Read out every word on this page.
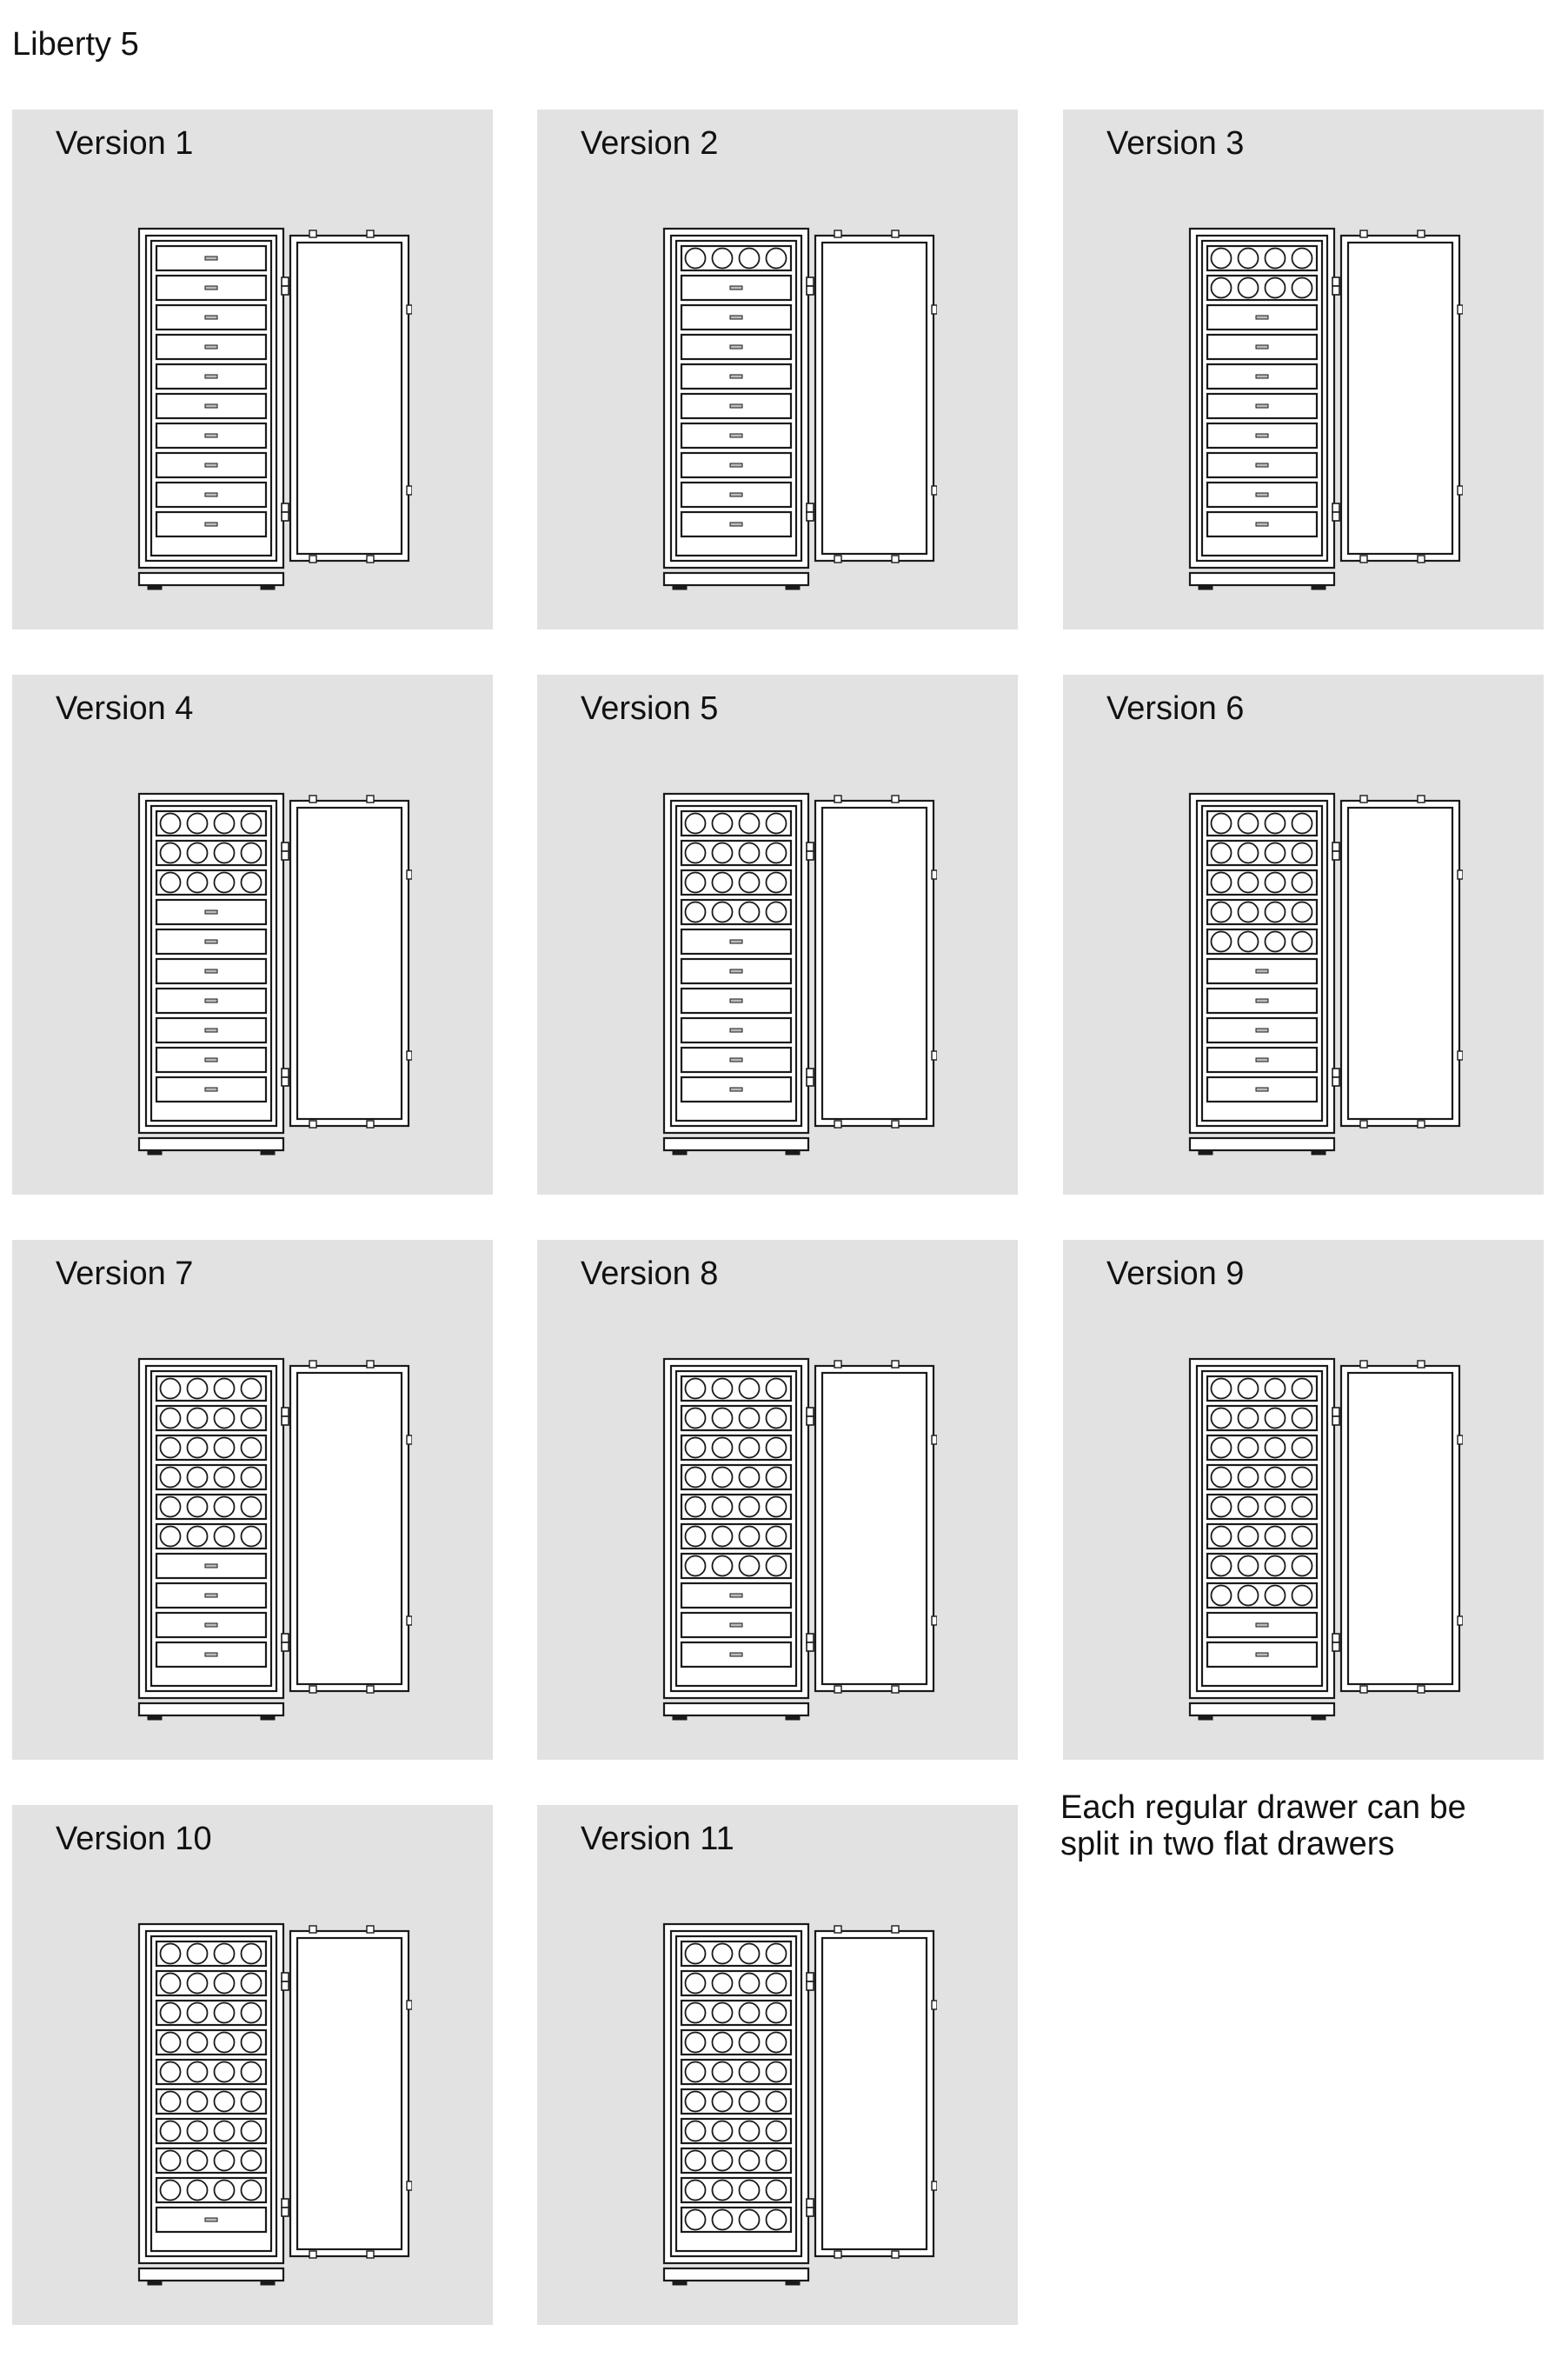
Liberty 5
Version 1	Version 2	Version 3
Version 4	Version 5	Version 6
Version 7	Version 8	Version 9
Version 10	Version 11
Each regular drawer can be split in two flat drawers
